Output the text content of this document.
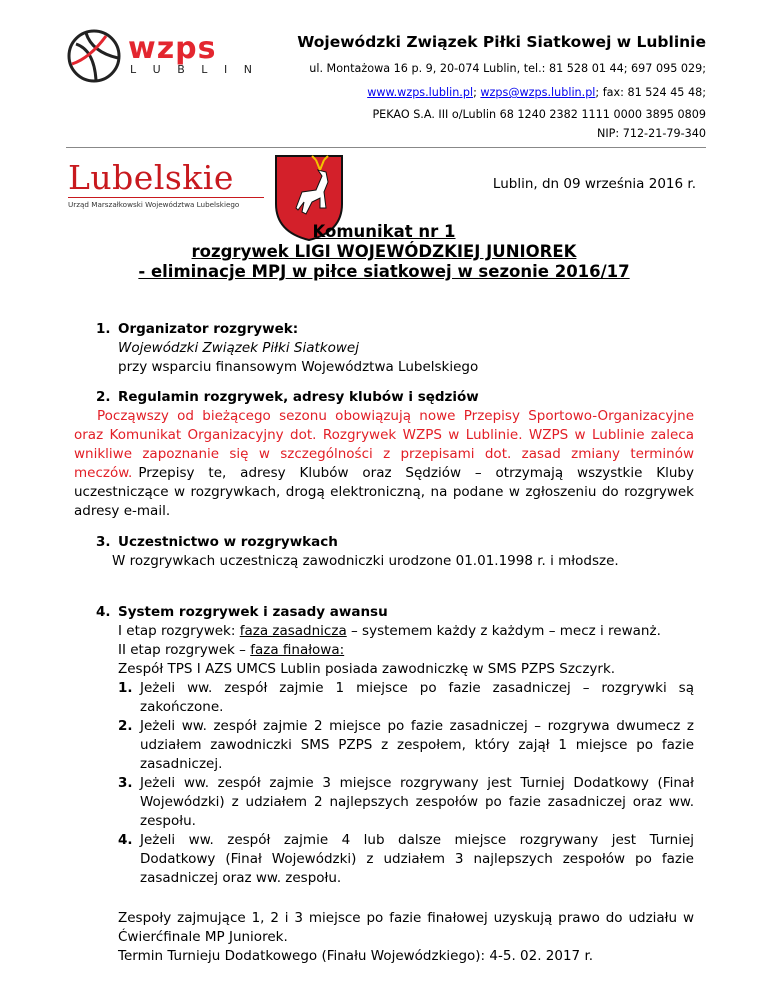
wzps
L U B L I N
Wojewódzki Związek Piłki Siatkowej w Lublinie
ul. Montażowa 16 p. 9, 20-074 Lublin, tel.: 81 528 01 44; 697 095 029;
www.wzps.lublin.pl; wzps@wzps.lublin.pl; fax: 81 524 45 48;
PEKAO S.A. III o/Lublin 68 1240 2382 1111 0000 3895 0809
NIP: 712-21-79-340
Lubelskie
Urząd Marszałkowski Województwa Lubelskiego
Lublin, dn 09 września 2016 r.
Komunikat nr 1
rozgrywek LIGI WOJEWÓDZKIEJ JUNIOREK
- eliminacje MPJ w piłce siatkowej w sezonie 2016/17
1. Organizator rozgrywek:
Wojewódzki Związek Piłki Siatkowej
przy wsparciu finansowym Województwa Lubelskiego
2. Regulamin rozgrywek, adresy klubów i sędziów
Począwszy od bieżącego sezonu obowiązują nowe Przepisy Sportowo-Organizacyjne
oraz Komunikat Organizacyjny dot. Rozgrywek WZPS w Lublinie. WZPS w Lublinie zaleca
wnikliwe zapoznanie się w szczególności z przepisami dot. zasad zmiany terminów
meczów. Przepisy te, adresy Klubów oraz Sędziów – otrzymają wszystkie Kluby
uczestniczące w rozgrywkach, drogą elektroniczną, na podane w zgłoszeniu do rozgrywek
adresy e-mail.
3. Uczestnictwo w rozgrywkach
W rozgrywkach uczestniczą zawodniczki urodzone 01.01.1998 r. i młodsze.
4. System rozgrywek i zasady awansu
I etap rozgrywek: faza zasadnicza – systemem każdy z każdym – mecz i rewanż.
II etap rozgrywek – faza finałowa:
Zespół TPS I AZS UMCS Lublin posiada zawodniczkę w SMS PZPS Szczyrk.
1. Jeżeli ww. zespół zajmie 1 miejsce po fazie zasadniczej – rozgrywki są
zakończone.
2. Jeżeli ww. zespół zajmie 2 miejsce po fazie zasadniczej – rozgrywa dwumecz z
udziałem zawodniczki SMS PZPS z zespołem, który zajął 1 miejsce po fazie
zasadniczej.
3. Jeżeli ww. zespół zajmie 3 miejsce rozgrywany jest Turniej Dodatkowy (Finał
Wojewódzki) z udziałem 2 najlepszych zespołów po fazie zasadniczej oraz ww.
zespołu.
4. Jeżeli ww. zespół zajmie 4 lub dalsze miejsce rozgrywany jest Turniej
Dodatkowy (Finał Wojewódzki) z udziałem 3 najlepszych zespołów po fazie
zasadniczej oraz ww. zespołu.
Zespoły zajmujące 1, 2 i 3 miejsce po fazie finałowej uzyskują prawo do udziału w
Ćwierćfinale MP Juniorek.
Termin Turnieju Dodatkowego (Finału Wojewódzkiego): 4-5. 02. 2017 r.
